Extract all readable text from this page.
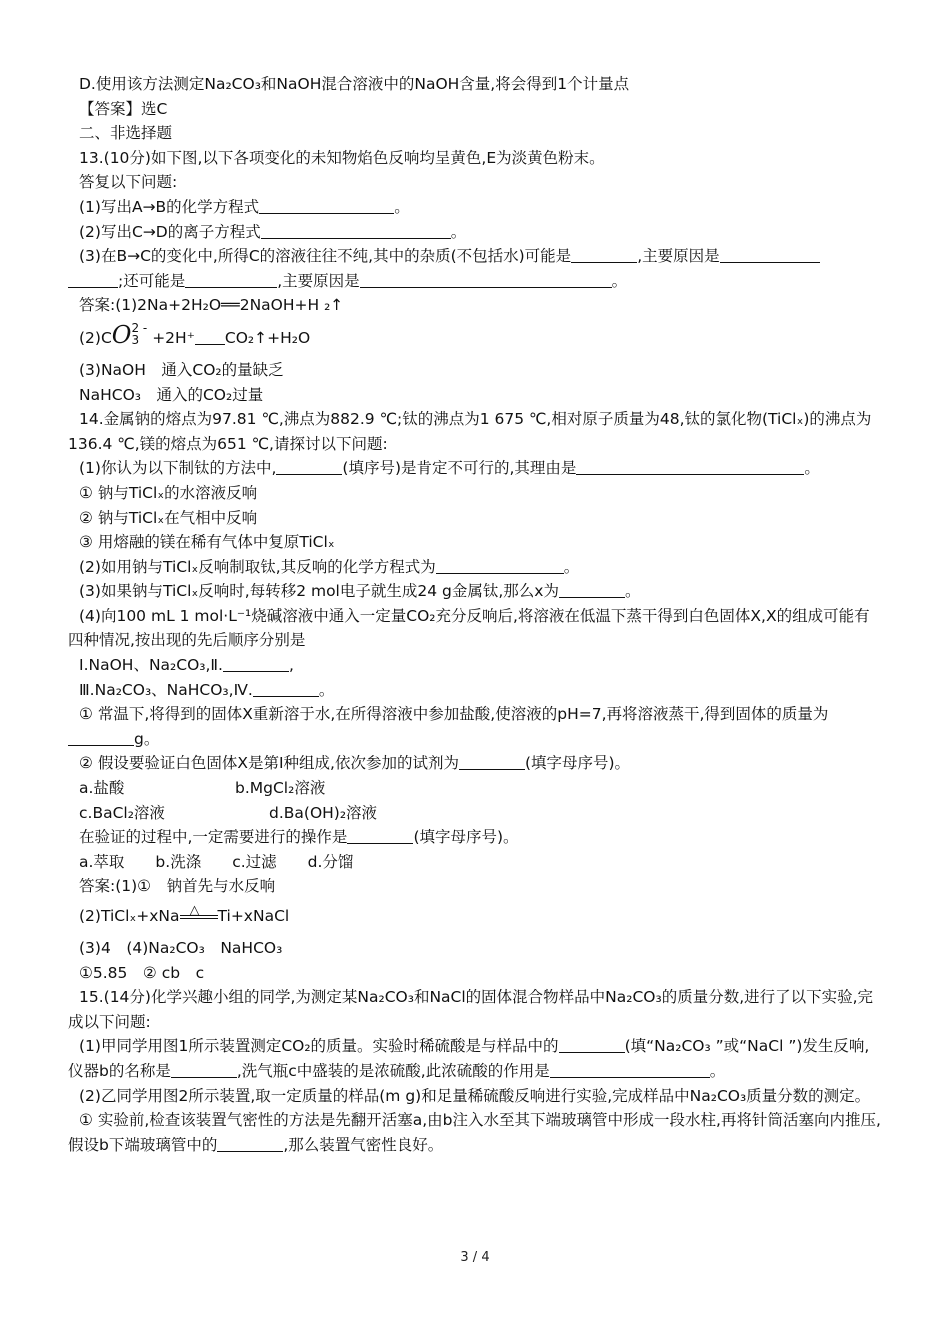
D.使用该方法测定Na₂CO₃和NaOH混合溶液中的NaOH含量,将会得到1个计量点
【答案】选C
二、非选择题
13.(10分)如下图,以下各项变化的未知物焰色反响均呈黄色,E为淡黄色粉末。
答复以下问题:
(1)写出A→B的化学方程式	。
(2)写出C→D的离子方程式	。
(3)在B→C的变化中,所得C的溶液往往不纯,其中的杂质(不包括水)可能是	,主要原因是
;还可能是	,主要原因是	。
答案:(1)2Na+2H₂O══2NaOH+H ₂↑
(2)CO2 -
3 +2H⁺ CO₂↑+H₂O
(3)NaOH　通入CO₂的量缺乏
NaHCO₃　通入的CO₂过量
14.金属钠的熔点为97.81 ℃,沸点为882.9 ℃;钛的沸点为1 675 ℃,相对原子质量为48,钛的氯化物(TiClₓ)的沸点为136.4 ℃,镁的熔点为651 ℃,请探讨以下问题:
(1)你认为以下制钛的方法中,	(填序号)是肯定不可行的,其理由是	。
① 钠与TiClₓ的水溶液反响
② 钠与TiClₓ在气相中反响
③ 用熔融的镁在稀有气体中复原TiClₓ
(2)如用钠与TiClₓ反响制取钛,其反响的化学方程式为	。
(3)如果钠与TiClₓ反响时,每转移2 mol电子就生成24 g金属钛,那么x为	。
(4)向100 mL 1 mol·L⁻¹烧碱溶液中通入一定量CO₂充分反响后,将溶液在低温下蒸干得到白色固体X,X的组成可能有四种情况,按出现的先后顺序分别是
Ⅰ.NaOH、Na₂CO₃,Ⅱ.	,
Ⅲ.Na₂CO₃、NaHCO₃,Ⅳ.	。
① 常温下,将得到的固体X重新溶于水,在所得溶液中参加盐酸,使溶液的pH=7,再将溶液蒸干,得到固体的质量为g。
② 假设要验证白色固体X是第Ⅰ种组成,依次参加的试剂为	(填字母序号)。
a.盐酸	b.MgCl₂溶液
c.BaCl₂溶液	d.Ba(OH)₂溶液
在验证的过程中,一定需要进行的操作是	(填字母序号)。
a.萃取　　b.洗涤　　c.过滤　　d.分馏
答案:(1)①　钠首先与水反响
(2)TiClₓ+xNa △ Ti+xNaCl
(3)4　(4)Na₂CO₃　NaHCO₃
①5.85　② cb　c
15.(14分)化学兴趣小组的同学,为测定某Na₂CO₃和NaCl的固体混合物样品中Na₂CO₃的质量分数,进行了以下实验,完成以下问题:
(1)甲同学用图1所示装置测定CO₂的质量。实验时稀硫酸是与样品中的	(填“Na₂CO₃ ”或“NaCl ”)发生反响,仪器b的名称是	,洗气瓶c中盛装的是浓硫酸,此浓硫酸的作用是	。
(2)乙同学用图2所示装置,取一定质量的样品(m g)和足量稀硫酸反响进行实验,完成样品中Na₂CO₃质量分数的测定。
① 实验前,检查该装置气密性的方法是先翻开活塞a,由b注入水至其下端玻璃管中形成一段水柱,再将针筒活塞向内推压,假设b下端玻璃管中的	,那么装置气密性良好。
3 / 4
